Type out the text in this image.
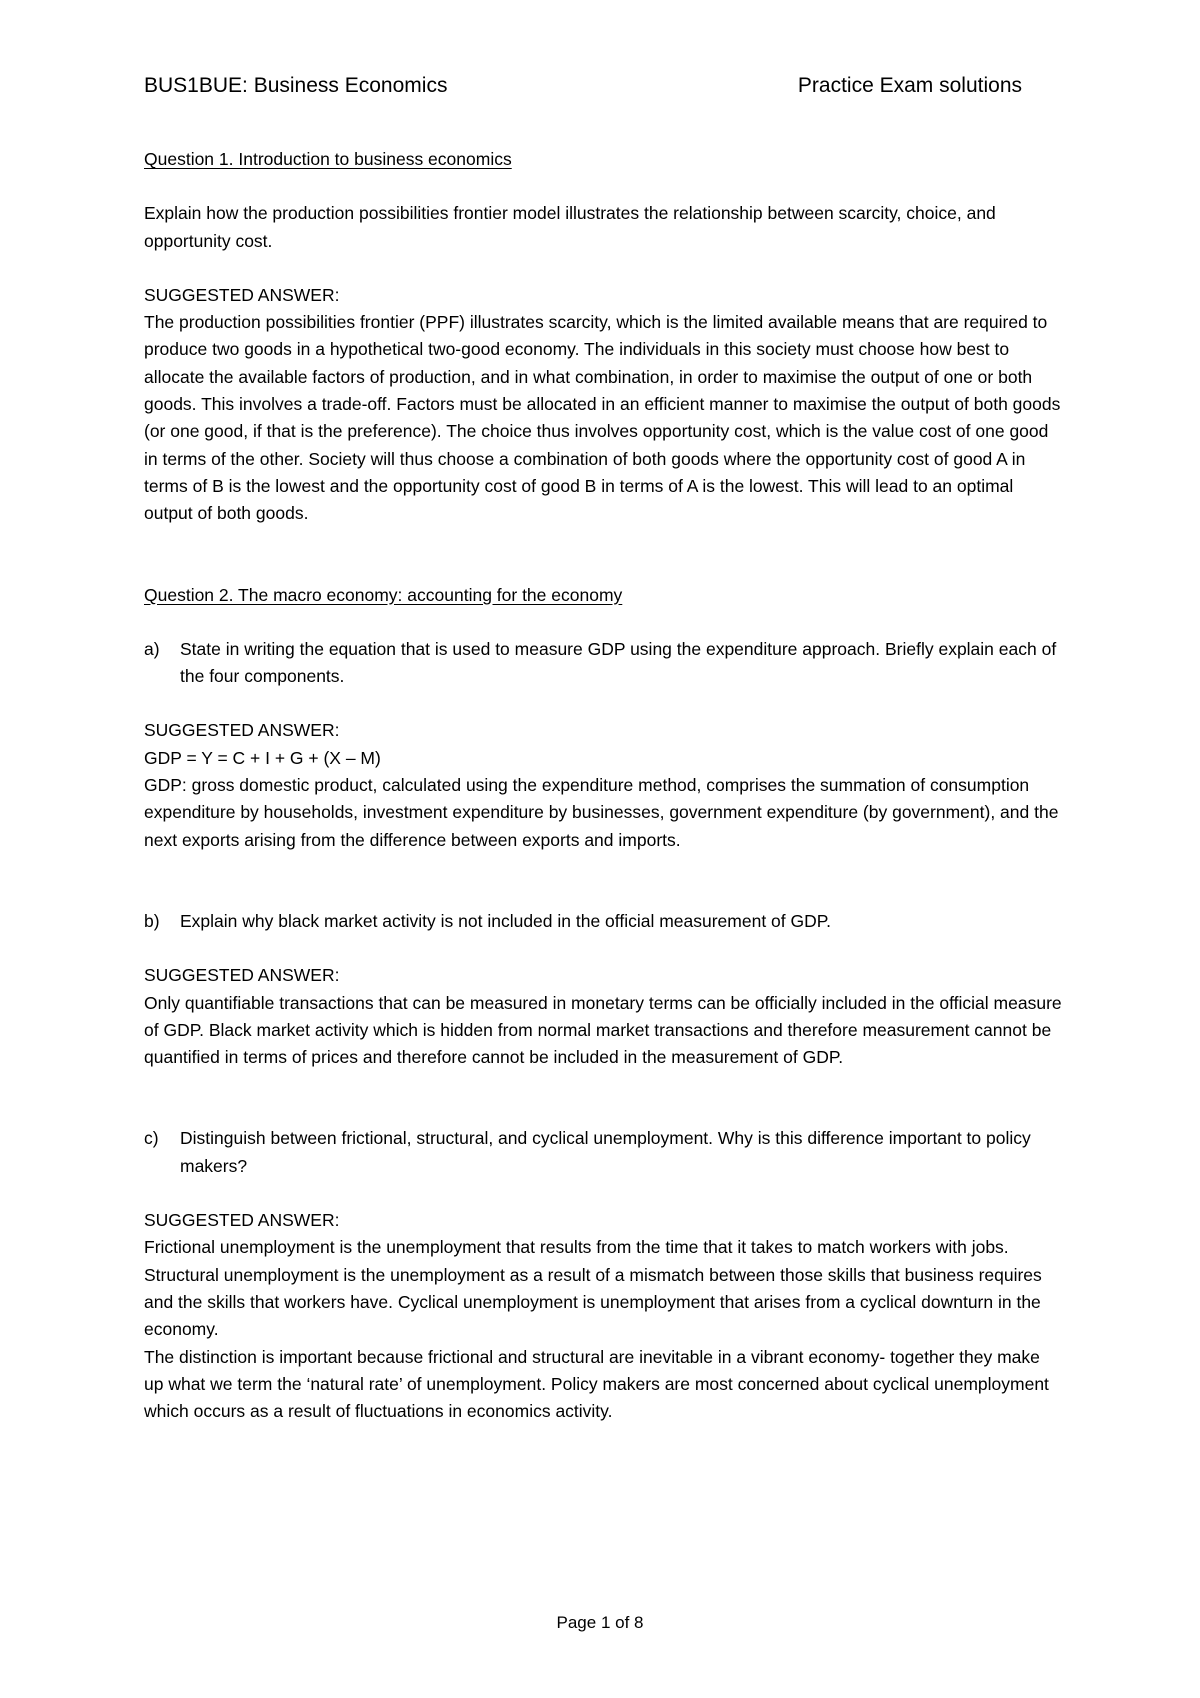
BUS1BUE: Business Economics	Practice Exam solutions

Question 1. Introduction to business economics

Explain how the production possibilities frontier model illustrates the relationship between scarcity, choice, and opportunity cost.

SUGGESTED ANSWER:

The production possibilities frontier (PPF) illustrates scarcity, which is the limited available means that are required to produce two goods in a hypothetical two-good economy. The individuals in this society must choose how best to allocate the available factors of production, and in what combination, in order to maximise the output of one or both goods. This involves a trade-off. Factors must be allocated in an efficient manner to maximise the output of both goods (or one good, if that is the preference). The choice thus involves opportunity cost, which is the value cost of one good in terms of the other. Society will thus choose a combination of both goods where the opportunity cost of good A in terms of B is the lowest and the opportunity cost of good B in terms of A is the lowest. This will lead to an optimal output of both goods.

Question 2. The macro economy: accounting for the economy

a)	State in writing the equation that is used to measure GDP using the expenditure approach. Briefly explain each of the four components.

SUGGESTED ANSWER:

GDP = Y = C + I + G + (X – M)

GDP: gross domestic product, calculated using the expenditure method, comprises the summation of consumption expenditure by households, investment expenditure by businesses, government expenditure (by government), and the next exports arising from the difference between exports and imports.

b)	Explain why black market activity is not included in the official measurement of GDP.

SUGGESTED ANSWER:

Only quantifiable transactions that can be measured in monetary terms can be officially included in the official measure of GDP. Black market activity which is hidden from normal market transactions and therefore measurement cannot be quantified in terms of prices and therefore cannot be included in the measurement of GDP.

c)	Distinguish between frictional, structural, and cyclical unemployment. Why is this difference important to policy makers?

SUGGESTED ANSWER:

Frictional unemployment is the unemployment that results from the time that it takes to match workers with jobs. Structural unemployment is the unemployment as a result of a mismatch between those skills that business requires and the skills that workers have. Cyclical unemployment is unemployment that arises from a cyclical downturn in the economy.

The distinction is important because frictional and structural are inevitable in a vibrant economy- together they make up what we term the ‘natural rate’ of unemployment. Policy makers are most concerned about cyclical unemployment which occurs as a result of fluctuations in economics activity.

Page 1 of 8
